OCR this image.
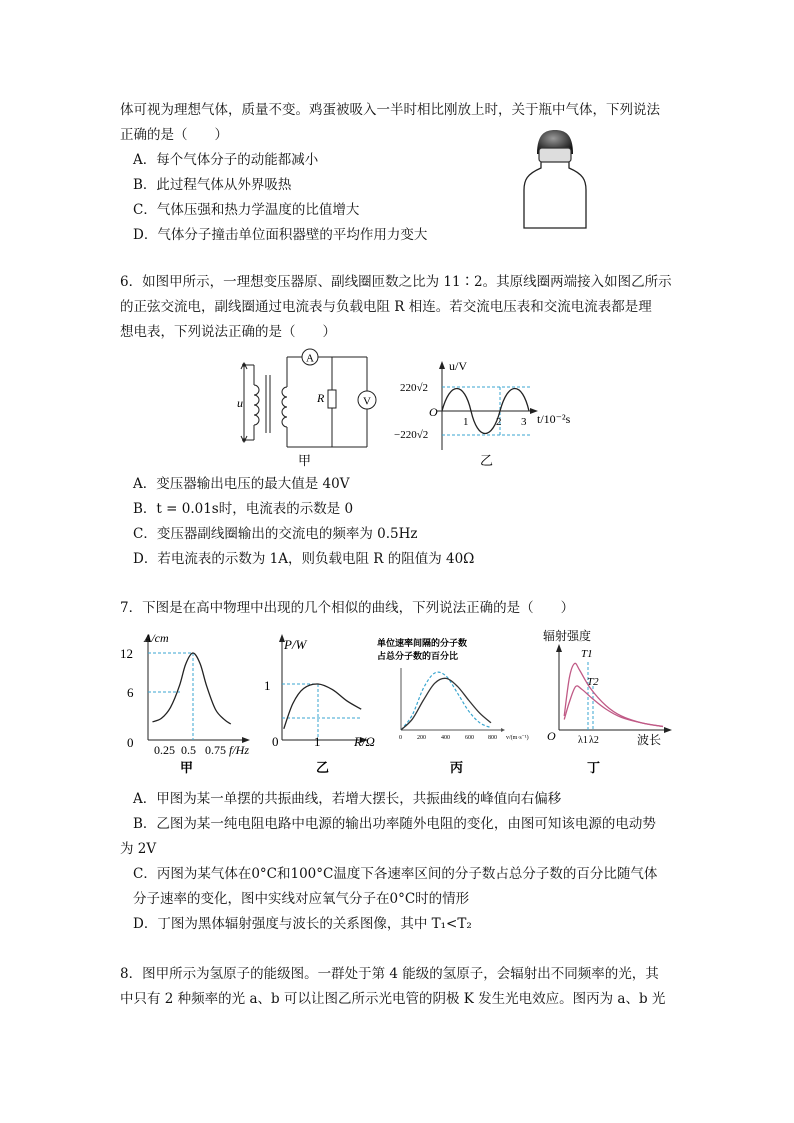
体可视为理想气体，质量不变。鸡蛋被吸入一半时相比刚放上时，关于瓶中气体，下列说法
正确的是（　　）
A．每个气体分子的动能都减小
B．此过程气体从外界吸热
C．气体压强和热力学温度的比值增大
D．气体分子撞击单位面积器壁的平均作用力变大
6．如图甲所示，一理想变压器原、副线圈匝数之比为 11∶2。其原线圈两端接入如图乙所示
的正弦交流电，副线圈通过电流表与负载电阻 R 相连。若交流电压表和交流电流表都是理
想电表，下列说法正确的是（　　）
u
A
R	V
甲
u/V
220√2
−220√2
O
1	2 3 t/10⁻²s
乙
A．变压器输出电压的最大值是 40V
B．t = 0.01s时，电流表的示数是 0
C．变压器副线圈输出的交流电的频率为 0.5Hz
D．若电流表的示数为 1A，则负载电阻 R 的阻值为 40Ω
7．下图是在高中物理中出现的几个相似的曲线，下列说法正确的是（　　）
A/cm
12
6
0 0.25 0.5 0.75 f/Hz
甲
P/W
1
0	1	R/Ω
乙
单位速率间隔的分子数
占总分子数的百分比
0	200	400	600 800 v/(m·s⁻¹)
丙
辐射强度
O
T1
T2
λ1 λ2	波长
丁
A．甲图为某一单摆的共振曲线，若增大摆长，共振曲线的峰值向右偏移
B．乙图为某一纯电阻电路中电源的输出功率随外电阻的变化，由图可知该电源的电动势
为 2V
C．丙图为某气体在0°C和100°C温度下各速率区间的分子数占总分子数的百分比随气体
分子速率的变化，图中实线对应氧气分子在0°C时的情形
D．丁图为黑体辐射强度与波长的关系图像，其中 T₁<T₂
8．图甲所示为氢原子的能级图。一群处于第 4 能级的氢原子，会辐射出不同频率的光，其
中只有 2 种频率的光 a、b 可以让图乙所示光电管的阴极 K 发生光电效应。图丙为 a、b 光
